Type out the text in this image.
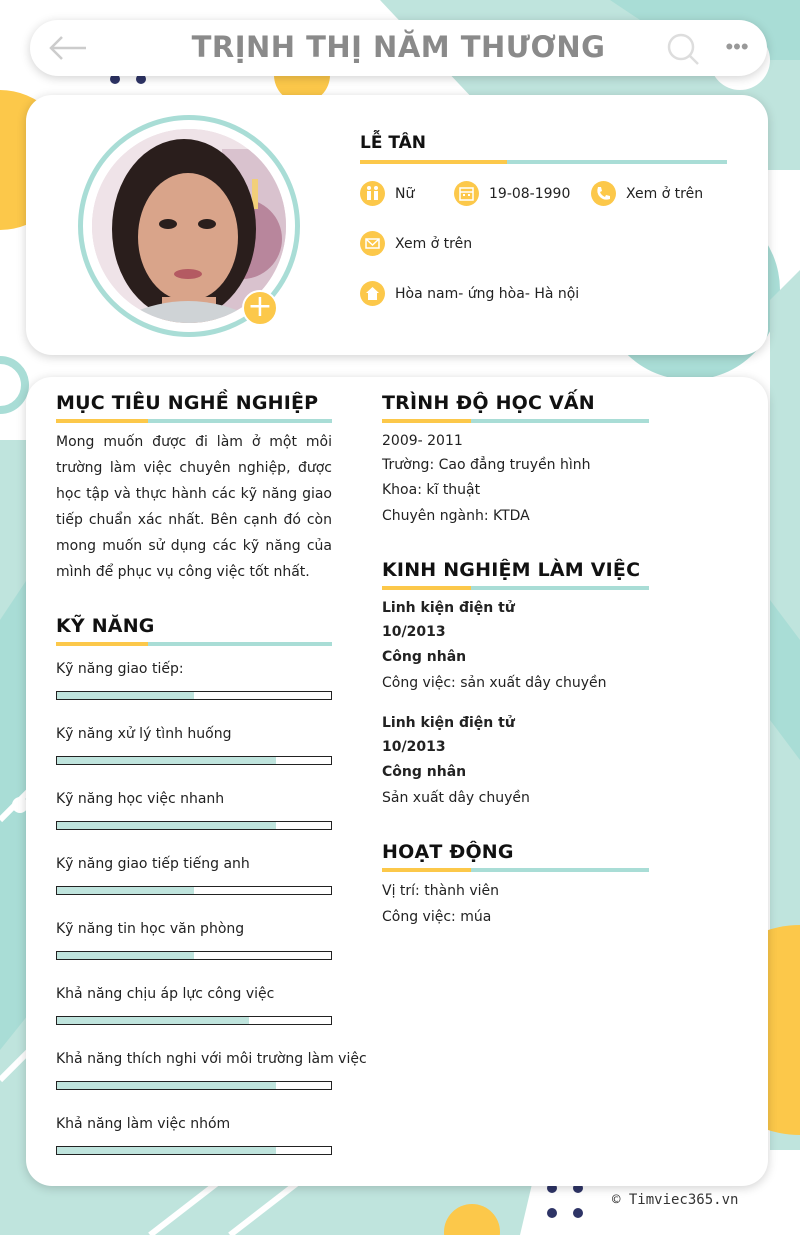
TRỊNH THỊ NĂM THƯƠNG	•••
+
LỄ TÂN
Nữ	19-08-1990	Xem ở trên
Xem ở trên
Hòa nam- ứng hòa- Hà nội
MỤC TIÊU NGHỀ NGHIỆP
Mong muốn được đi làm ở một môi trường làm việc chuyên nghiệp, được học tập và thực hành các kỹ năng giao tiếp chuẩn xác nhất. Bên cạnh đó còn mong muốn sử dụng các kỹ năng của mình để phục vụ công việc tốt nhất.
KỸ NĂNG
Kỹ năng giao tiếp:
Kỹ năng xử lý tình huống
Kỹ năng học việc nhanh
Kỹ năng giao tiếp tiếng anh
Kỹ năng tin học văn phòng
Khả năng chịu áp lực công việc
Khả năng thích nghi với môi trường làm việc
Khả năng làm việc nhóm
TRÌNH ĐỘ HỌC VẤN
2009- 2011
Trường: Cao đẳng truyền hình
Khoa: kĩ thuật
Chuyên ngành: KTDA
KINH NGHIỆM LÀM VIỆC
Linh kiện điện tử
10/2013
Công nhân
Công việc: sản xuất dây chuyền
Linh kiện điện tử
10/2013
Công nhân
Sản xuất dây chuyền
HOẠT ĐỘNG
Vị trí: thành viên
Công việc: múa
© Timviec365.vn
